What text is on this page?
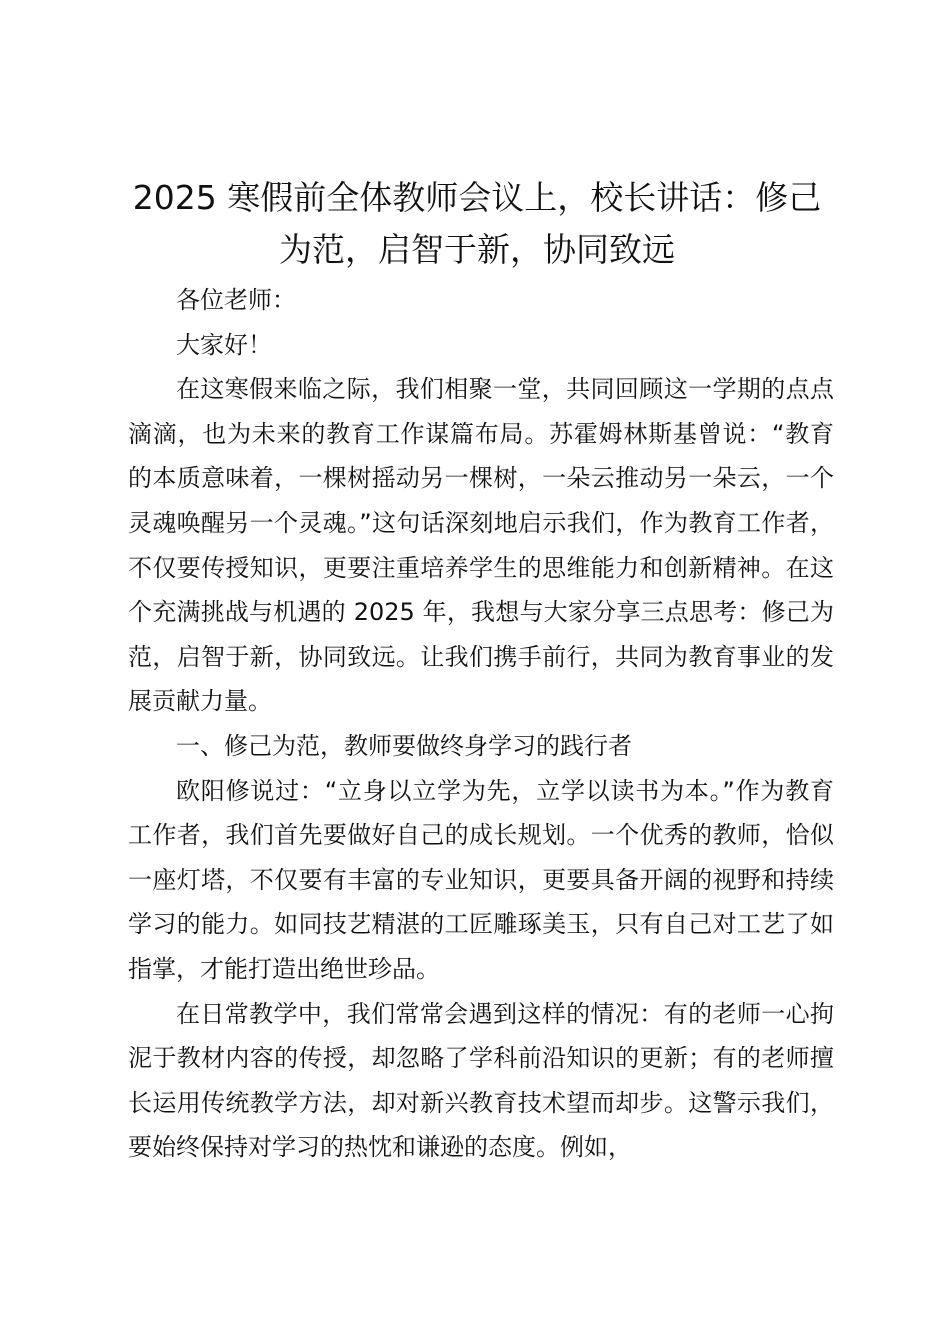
2025 寒假前全体教师会议上，校长讲话：修己为范，启智于新，协同致远

各位老师：

大家好！

在这寒假来临之际，我们相聚一堂，共同回顾这一学期的点点滴滴，也为未来的教育工作谋篇布局。苏霍姆林斯基曾说：“教育的本质意味着，一棵树摇动另一棵树，一朵云推动另一朵云，一个灵魂唤醒另一个灵魂。”这句话深刻地启示我们，作为教育工作者，不仅要传授知识，更要注重培养学生的思维能力和创新精神。在这个充满挑战与机遇的 2025 年，我想与大家分享三点思考：修己为范，启智于新，协同致远。让我们携手前行，共同为教育事业的发展贡献力量。

一、修己为范，教师要做终身学习的践行者

欧阳修说过：“立身以立学为先，立学以读书为本。”作为教育工作者，我们首先要做好自己的成长规划。一个优秀的教师，恰似一座灯塔，不仅要有丰富的专业知识，更要具备开阔的视野和持续学习的能力。如同技艺精湛的工匠雕琢美玉，只有自己对工艺了如指掌，才能打造出绝世珍品。

在日常教学中，我们常常会遇到这样的情况：有的老师一心拘泥于教材内容的传授，却忽略了学科前沿知识的更新；有的老师擅长运用传统教学方法，却对新兴教育技术望而却步。这警示我们，要始终保持对学习的热忱和谦逊的态度。例如，
